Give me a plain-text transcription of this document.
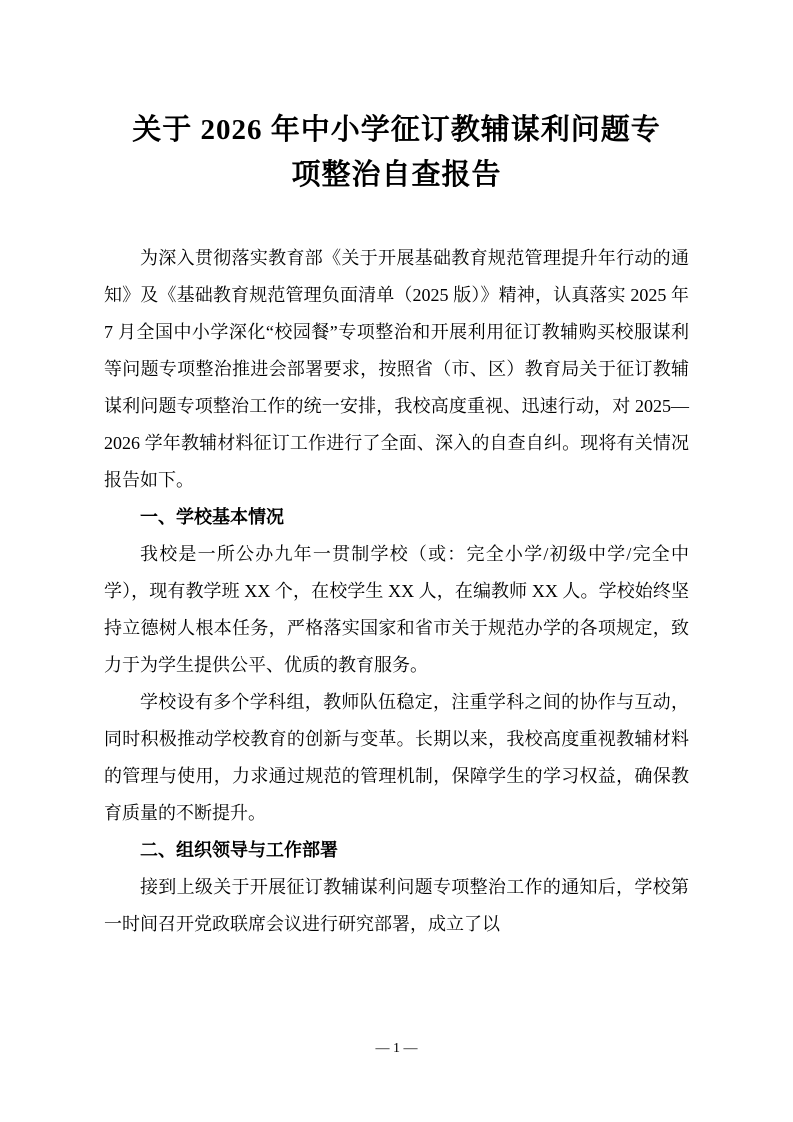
关于 2026 年中小学征订教辅谋利问题专
项整治自查报告

为深入贯彻落实教育部《关于开展基础教育规范管理提升年行动的通知》及《基础教育规范管理负面清单（2025 版）》精神，认真落实 2025 年 7 月全国中小学深化“校园餐”专项整治和开展利用征订教辅购买校服谋利等问题专项整治推进会部署要求，按照省（市、区）教育局关于征订教辅谋利问题专项整治工作的统一安排，我校高度重视、迅速行动，对 2025—2026 学年教辅材料征订工作进行了全面、深入的自查自纠。现将有关情况报告如下。

一、学校基本情况

我校是一所公办九年一贯制学校（或：完全小学/初级中学/完全中学），现有教学班 XX 个，在校学生 XX 人，在编教师 XX 人。学校始终坚持立德树人根本任务，严格落实国家和省市关于规范办学的各项规定，致力于为学生提供公平、优质的教育服务。

学校设有多个学科组，教师队伍稳定，注重学科之间的协作与互动，同时积极推动学校教育的创新与变革。长期以来，我校高度重视教辅材料的管理与使用，力求通过规范的管理机制，保障学生的学习权益，确保教育质量的不断提升。

二、组织领导与工作部署

接到上级关于开展征订教辅谋利问题专项整治工作的通知后，学校第一时间召开党政联席会议进行研究部署，成立了以

— 1 —
